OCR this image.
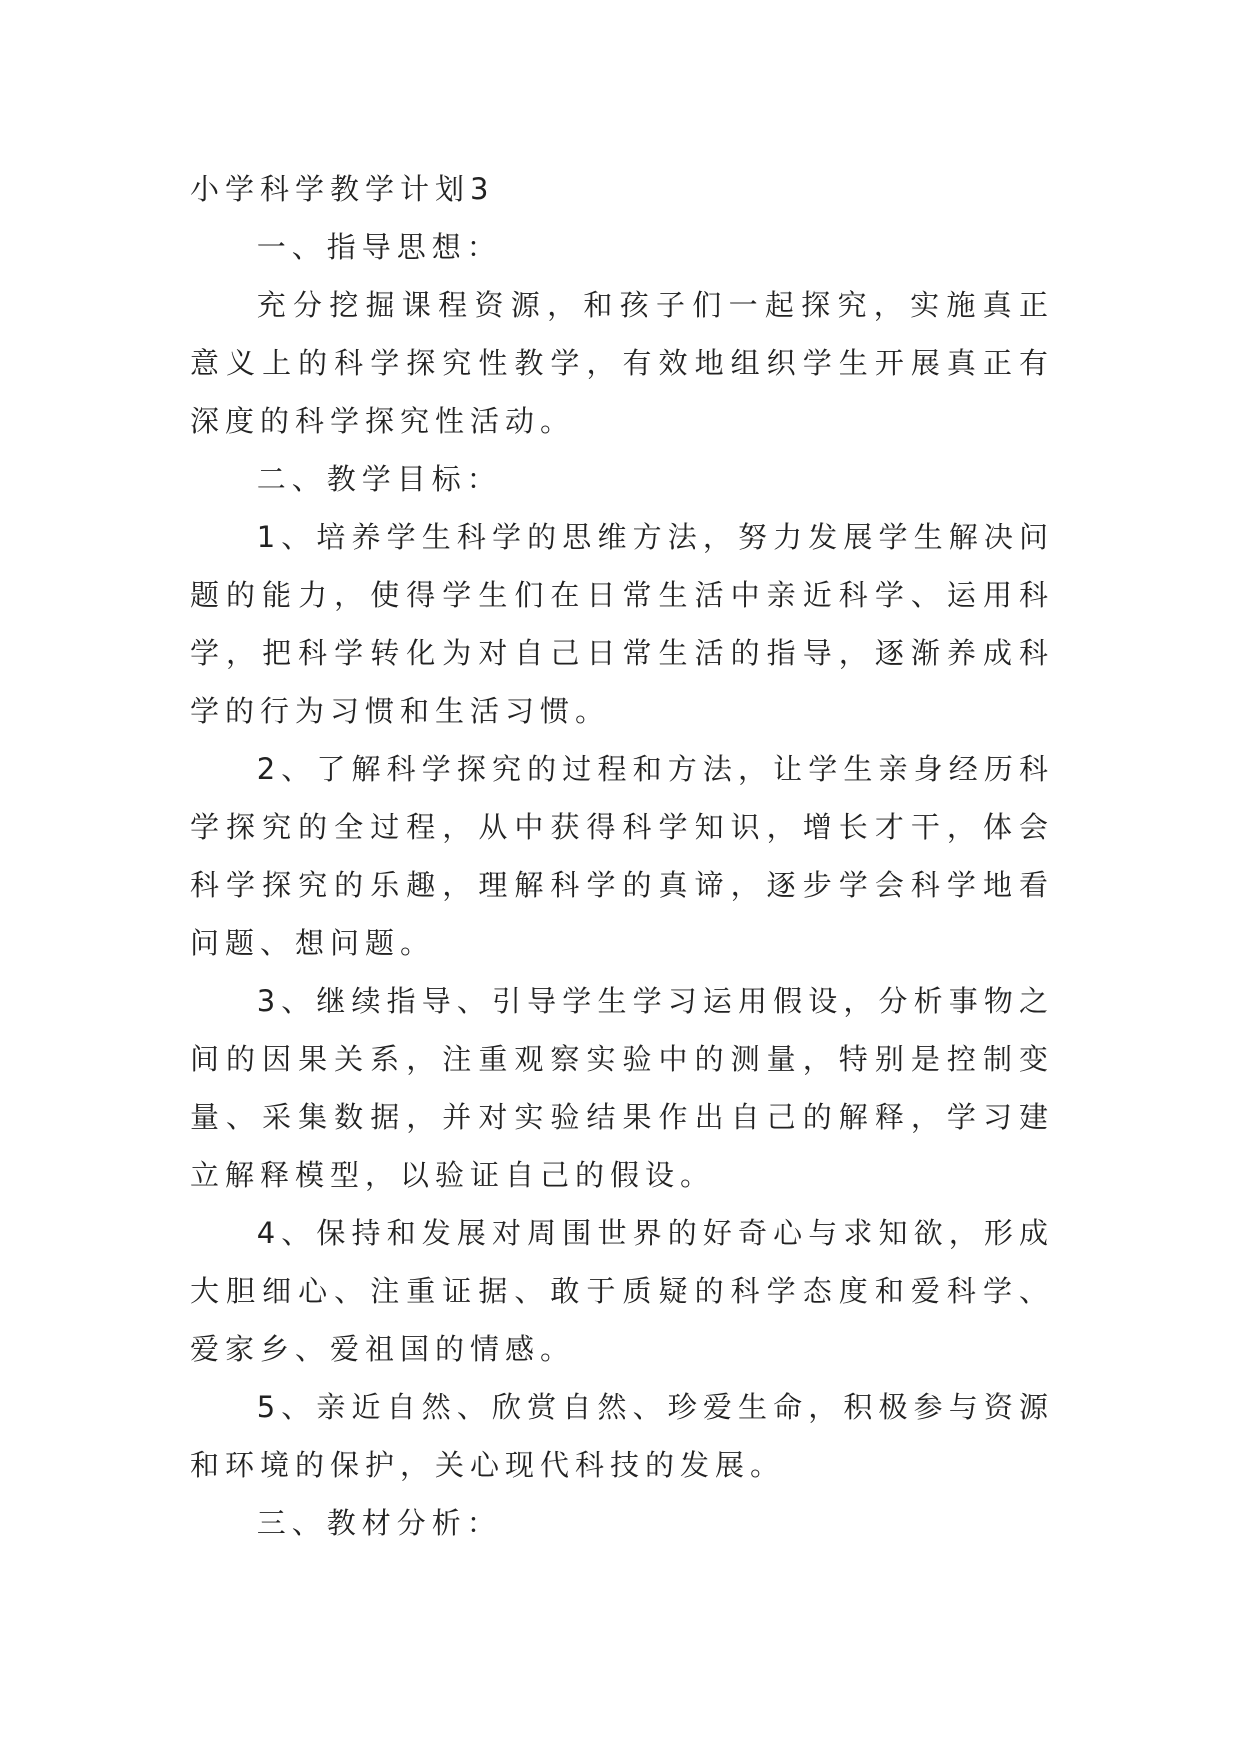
小学科学教学计划3

一、指导思想：

充分挖掘课程资源，和孩子们一起探究，实施真正意义上的科学探究性教学，有效地组织学生开展真正有深度的科学探究性活动。

二、教学目标：

1、培养学生科学的思维方法，努力发展学生解决问题的能力，使得学生们在日常生活中亲近科学、运用科学，把科学转化为对自己日常生活的指导，逐渐养成科学的行为习惯和生活习惯。

2、了解科学探究的过程和方法，让学生亲身经历科学探究的全过程，从中获得科学知识，增长才干，体会科学探究的乐趣，理解科学的真谛，逐步学会科学地看问题、想问题。

3、继续指导、引导学生学习运用假设，分析事物之间的因果关系，注重观察实验中的测量，特别是控制变量、采集数据，并对实验结果作出自己的解释，学习建立解释模型，以验证自己的假设。

4、保持和发展对周围世界的好奇心与求知欲，形成大胆细心、注重证据、敢于质疑的科学态度和爱科学、爱家乡、爱祖国的情感。

5、亲近自然、欣赏自然、珍爱生命，积极参与资源和环境的保护，关心现代科技的发展。

三、教材分析：
